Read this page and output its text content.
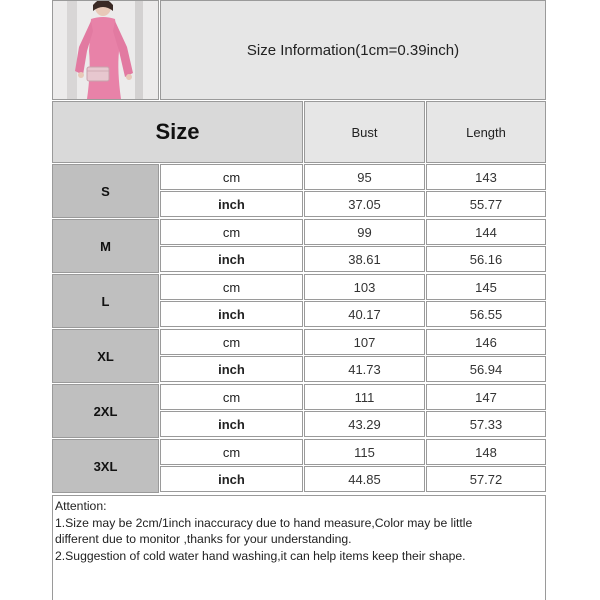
Size Information(1cm=0.39inch)
Size	Bust	Length
S
cm	95	143
inch	37.05	55.77
M
cm	99	144
inch	38.61	56.16
L
cm	103	145
inch	40.17	56.55
XL
cm	107	146
inch	41.73	56.94
2XL
cm	111	147
inch	43.29	57.33
3XL
cm	115	148
inch	44.85	57.72
Attention:
1.Size may be 2cm/1inch inaccuracy due to hand measure,Color may be little
different due to monitor ,thanks for your understanding.
2.Suggestion of cold water hand washing,it can help items keep their shape.
